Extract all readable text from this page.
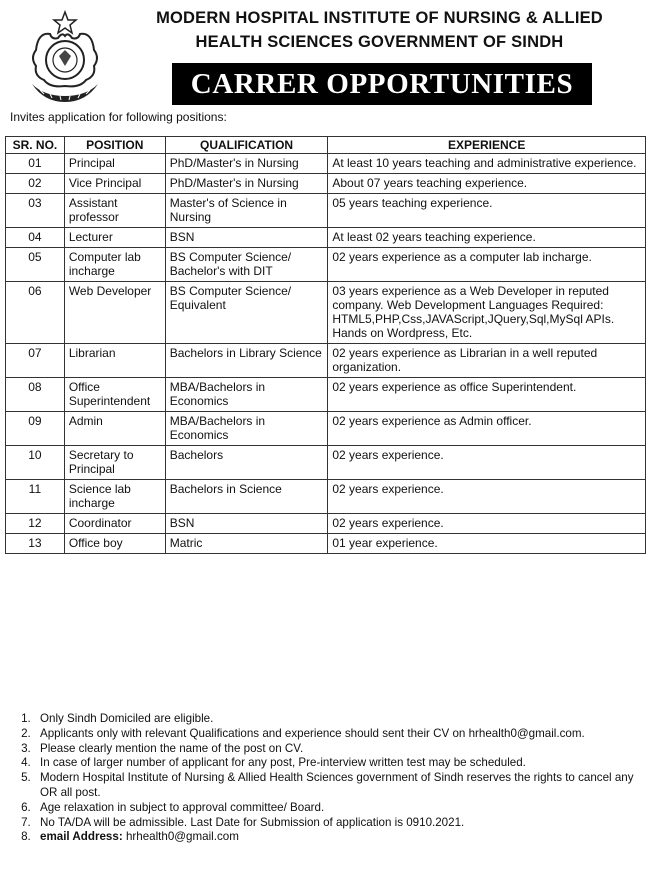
MODERN HOSPITAL INSTITUTE OF NURSING & ALLIED
HEALTH SCIENCES GOVERNMENT OF SINDH
CARRER OPPORTUNITIES
Invites application for following positions:
SR. NO.	POSITION	QUALIFICATION	EXPERIENCE
01	Principal	PhD/Master's in Nursing	At least 10 years teaching and administrative experience.
02	Vice Principal	PhD/Master's in Nursing	About 07 years teaching experience.
03	Assistant professor	Master's of Science in Nursing	05 years teaching experience.
04	Lecturer	BSN	At least 02 years teaching experience.
05	Computer lab incharge	BS Computer Science/ Bachelor's with DIT	02 years experience as a computer lab incharge.
06	Web Developer	BS Computer Science/ Equivalent	03 years experience as a Web Developer in reputed company. Web Development Languages Required: HTML5,PHP,Css,JAVAScript,JQuery,Sql,MySql APIs. Hands on Wordpress, Etc.
07	Librarian	Bachelors in Library Science	02 years experience as Librarian in a well reputed organization.
08	Office Superintendent	MBA/Bachelors in Economics	02 years experience as office Superintendent.
09	Admin	MBA/Bachelors in Economics	02 years experience as Admin officer.
10	Secretary to Principal	Bachelors	02 years experience.
11	Science lab incharge	Bachelors in Science	02 years experience.
12	Coordinator	BSN	02 years experience.
13	Office boy	Matric	01 year experience.
1. Only Sindh Domiciled are eligible.
2. Applicants only with relevant Qualifications and experience should sent their CV on hrhealth0@gmail.com.
3. Please clearly mention the name of the post on CV.
4. In case of larger number of applicant for any post, Pre-interview written test may be scheduled.
5. Modern Hospital Institute of Nursing & Allied Health Sciences government of Sindh reserves the rights to cancel any OR all post.
6. Age relaxation in subject to approval committee/ Board.
7. No TA/DA will be admissible. Last Date for Submission of application is 0910.2021.
8. email Address: hrhealth0@gmail.com
